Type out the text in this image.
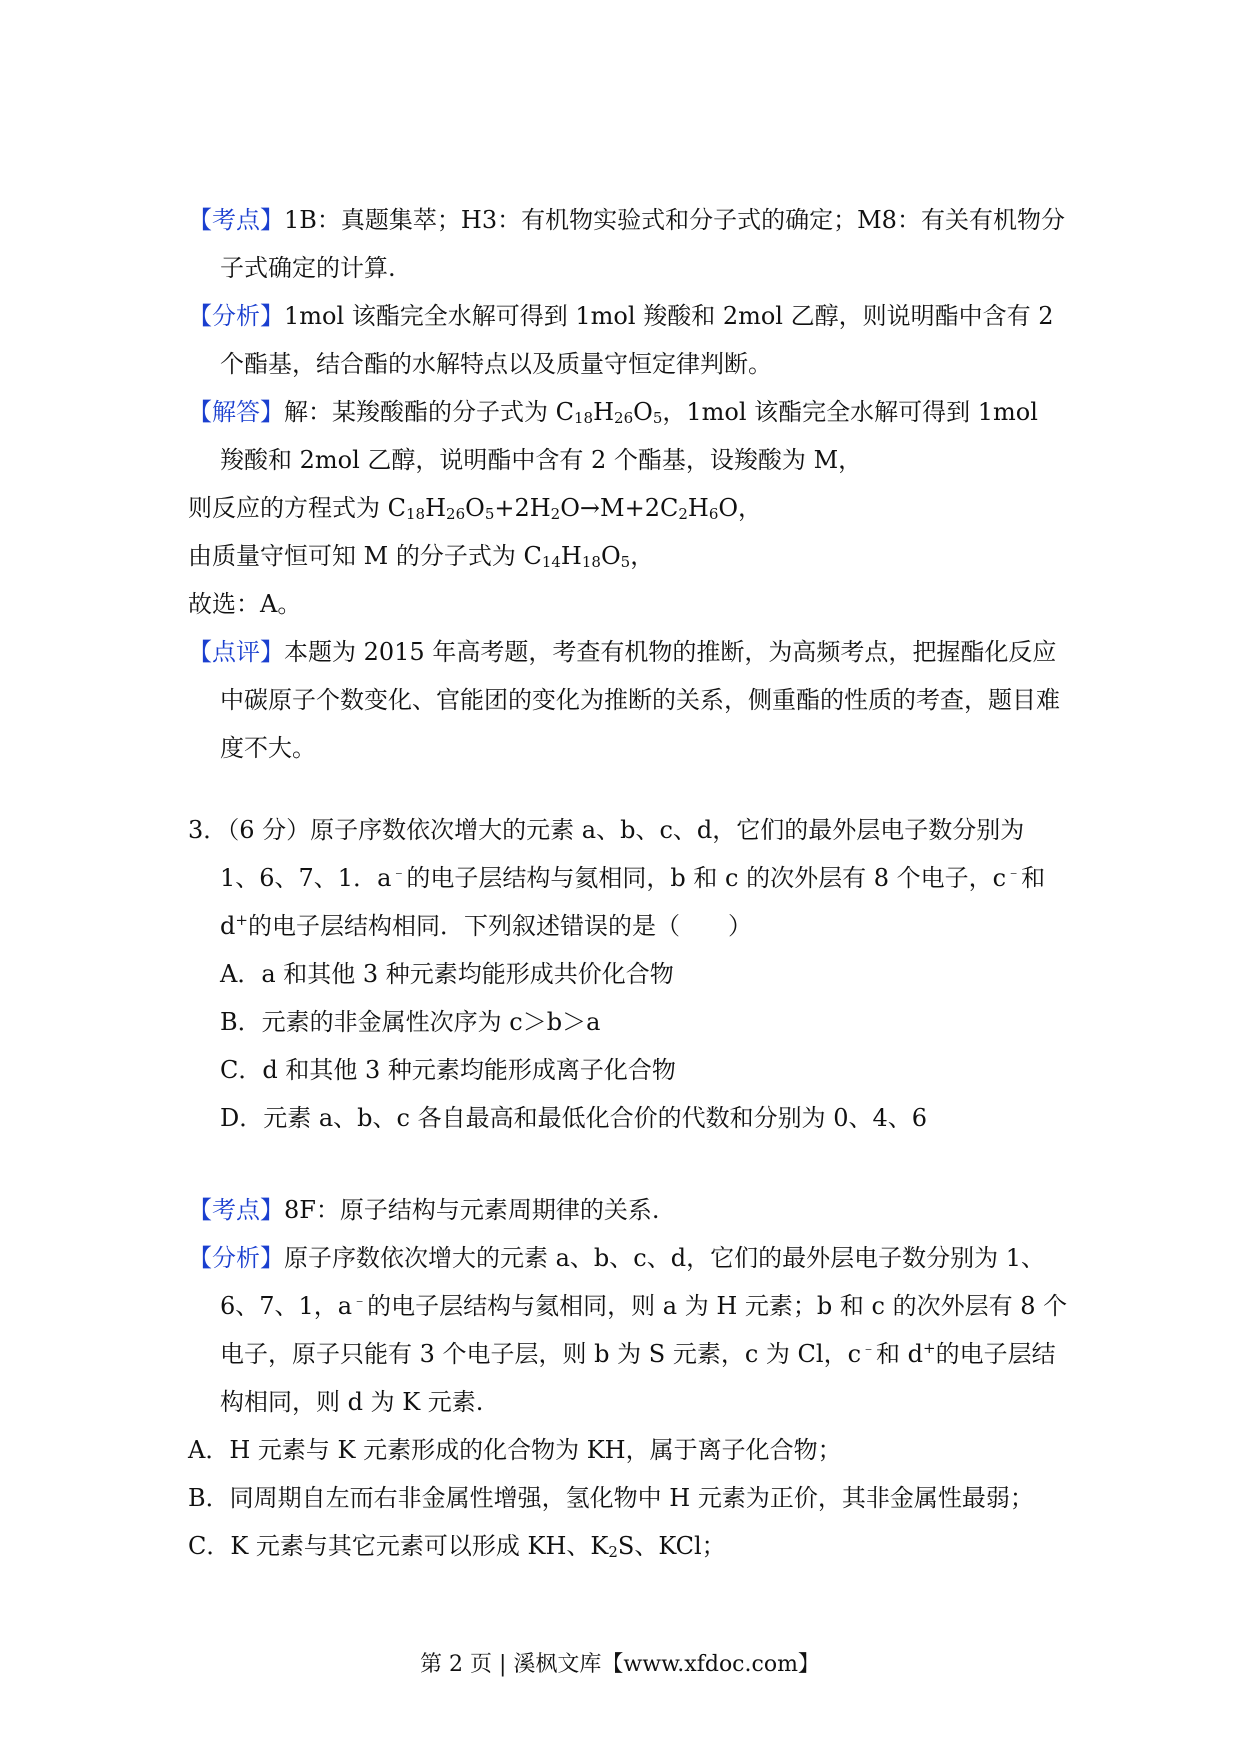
【考点】1B：真题集萃；H3：有机物实验式和分子式的确定；M8：有关有机物分子式确定的计算.

【分析】1mol 该酯完全水解可得到 1mol 羧酸和 2mol 乙醇，则说明酯中含有 2 个酯基，结合酯的水解特点以及质量守恒定律判断。

【解答】解：某羧酸酯的分子式为 $C_{18}H_{26}O_5$，1mol 该酯完全水解可得到 1mol 羧酸和 2mol 乙醇，说明酯中含有 2 个酯基，设羧酸为 M，

则反应的方程式为 $C_{18}H_{26}O_5+2H_2O\to M+2C_2H_6O$，

由质量守恒可知 M 的分子式为 $C_{14}H_{18}O_5$，

故选：A。

【点评】本题为 2015 年高考题，考查有机物的推断，为高频考点，把握酯化反应中碳原子个数变化、官能团的变化为推断的关系，侧重酯的性质的考查，题目难度不大。

3．（6 分）原子序数依次增大的元素 a、b、c、d，它们的最外层电子数分别为 1、6、7、1．a﹣的电子层结构与氦相同，b 和 c 的次外层有 8 个电子，c﹣和 d+的电子层结构相同．下列叙述错误的是（　　）

A．a 和其他 3 种元素均能形成共价化合物

B．元素的非金属性次序为 c＞b＞a

C．d 和其他 3 种元素均能形成离子化合物

D．元素 a、b、c 各自最高和最低化合价的代数和分别为 0、4、6

【考点】8F：原子结构与元素周期律的关系.

【分析】原子序数依次增大的元素 a、b、c、d，它们的最外层电子数分别为 1、6、7、1，a﹣的电子层结构与氦相同，则 a 为 H 元素；b 和 c 的次外层有 8 个电子，原子只能有 3 个电子层，则 b 为 S 元素，c 为 Cl，c﹣和 d+的电子层结构相同，则 d 为 K 元素.

A．H 元素与 K 元素形成的化合物为 KH，属于离子化合物；

B．同周期自左而右非金属性增强，氢化物中 H 元素为正价，其非金属性最弱；

C．K 元素与其它元素可以形成 KH、$K_2S$、KCl；

第 2 页 | 溪枫文库【www.xfdoc.com】
